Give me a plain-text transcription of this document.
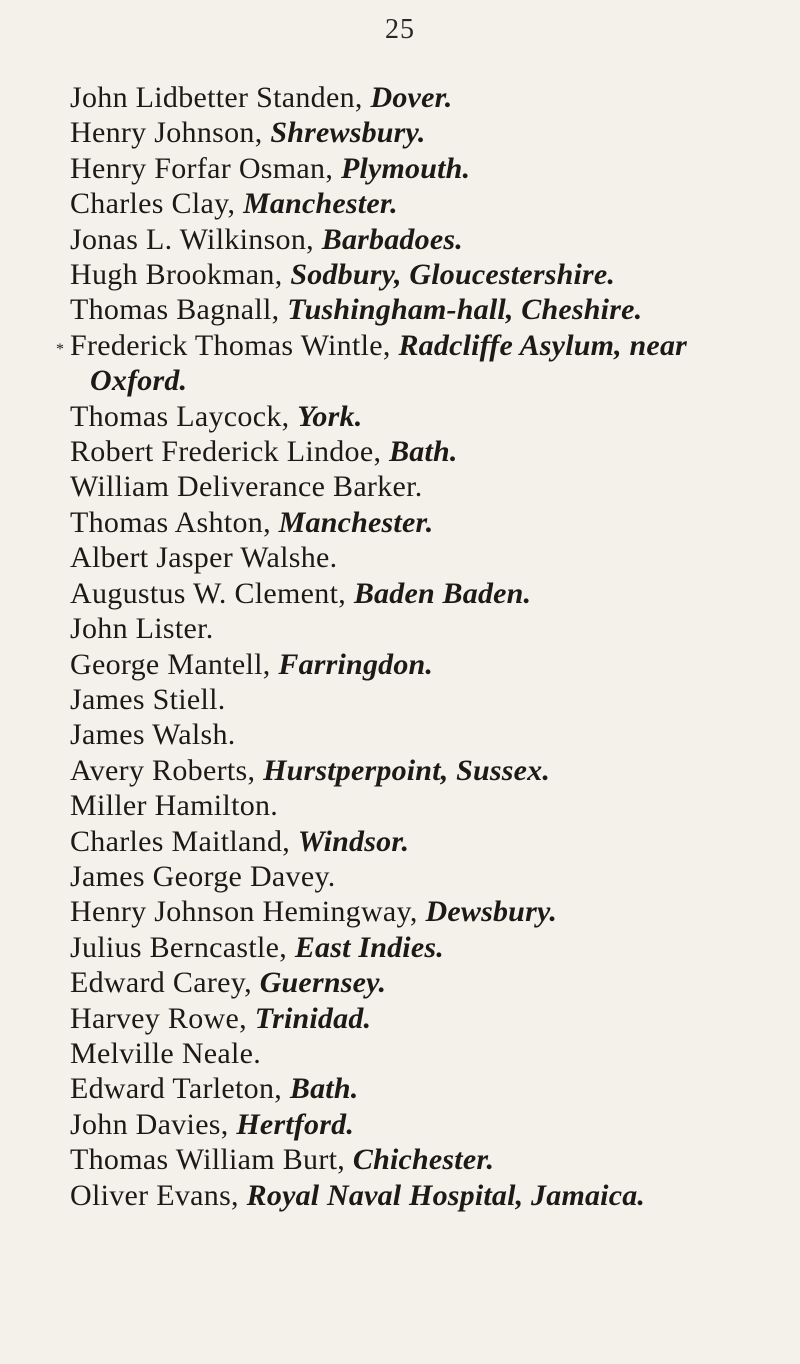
25
John Lidbetter Standen, Dover.
Henry Johnson, Shrewsbury.
Henry Forfar Osman, Plymouth.
Charles Clay, Manchester.
Jonas L. Wilkinson, Barbadoes.
Hugh Brookman, Sodbury, Gloucestershire.
Thomas Bagnall, Tushingham-hall, Cheshire.
* Frederick Thomas Wintle, Radcliffe Asylum, near
Oxford.
Thomas Laycock, York.
Robert Frederick Lindoe, Bath.
William Deliverance Barker.
Thomas Ashton, Manchester.
Albert Jasper Walshe.
Augustus W. Clement, Baden Baden.
John Lister.
George Mantell, Farringdon.
James Stiell.
James Walsh.
Avery Roberts, Hurstperpoint, Sussex.
Miller Hamilton.
Charles Maitland, Windsor.
James George Davey.
Henry Johnson Hemingway, Dewsbury.
Julius Berncastle, East Indies.
Edward Carey, Guernsey.
Harvey Rowe, Trinidad.
Melville Neale.
Edward Tarleton, Bath.
John Davies, Hertford.
Thomas William Burt, Chichester.
Oliver Evans, Royal Naval Hospital, Jamaica.
